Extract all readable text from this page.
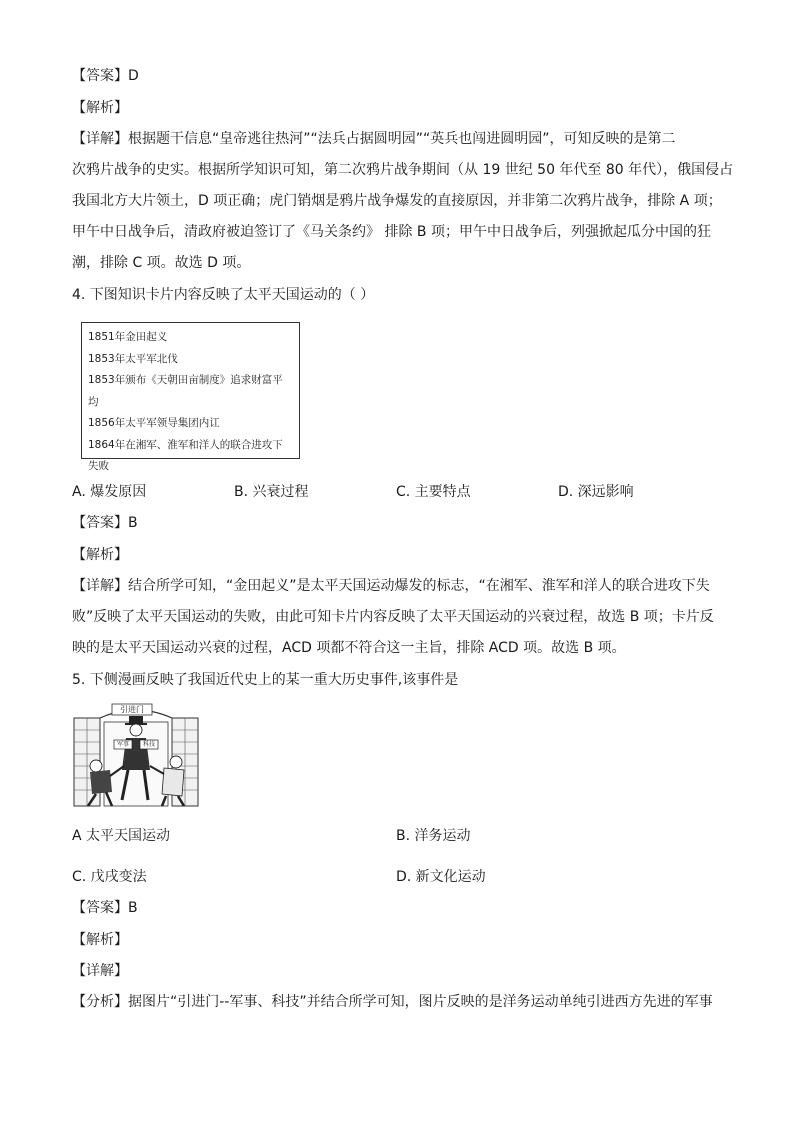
【答案】D
【解析】
【详解】根据题干信息“皇帝逃往热河”“法兵占据圆明园”“英兵也闯进圆明园”，可知反映的是第二
次鸦片战争的史实。根据所学知识可知，第二次鸦片战争期间（从 19 世纪 50 年代至 80 年代），俄国侵占
我国北方大片领土，D 项正确；虎门销烟是鸦片战争爆发的直接原因，并非第二次鸦片战争，排除 A 项；
甲午中日战争后，清政府被迫签订了《马关条约》 排除 B 项；甲午中日战争后，列强掀起瓜分中国的狂
潮，排除 C 项。故选 D 项。
4. 下图知识卡片内容反映了太平天国运动的（ ）
1851年金田起义
1853年太平军北伐
1853年颁布《天朝田亩制度》追求财富平均
1856年太平军领导集团内讧
1864年在湘军、淮军和洋人的联合进攻下失败
A. 爆发原因	B. 兴衰过程	C. 主要特点	D. 深远影响
【答案】B
【解析】
【详解】结合所学可知，“金田起义”是太平天国运动爆发的标志，“在湘军、淮军和洋人的联合进攻下失
败”反映了太平天国运动的失败，由此可知卡片内容反映了太平天国运动的兴衰过程，故选 B 项；卡片反
映的是太平天国运动兴衰的过程，ACD 项都不符合这一主旨，排除 ACD 项。故选 B 项。
5. 下侧漫画反映了我国近代史上的某一重大历史事件,该事件是
引进门
军事	科技
A 太平天国运动	B. 洋务运动
C. 戊戌变法	D. 新文化运动
【答案】B
【解析】
【详解】
【分析】据图片“引进门--军事、科技”并结合所学可知，图片反映的是洋务运动单纯引进西方先进的军事
